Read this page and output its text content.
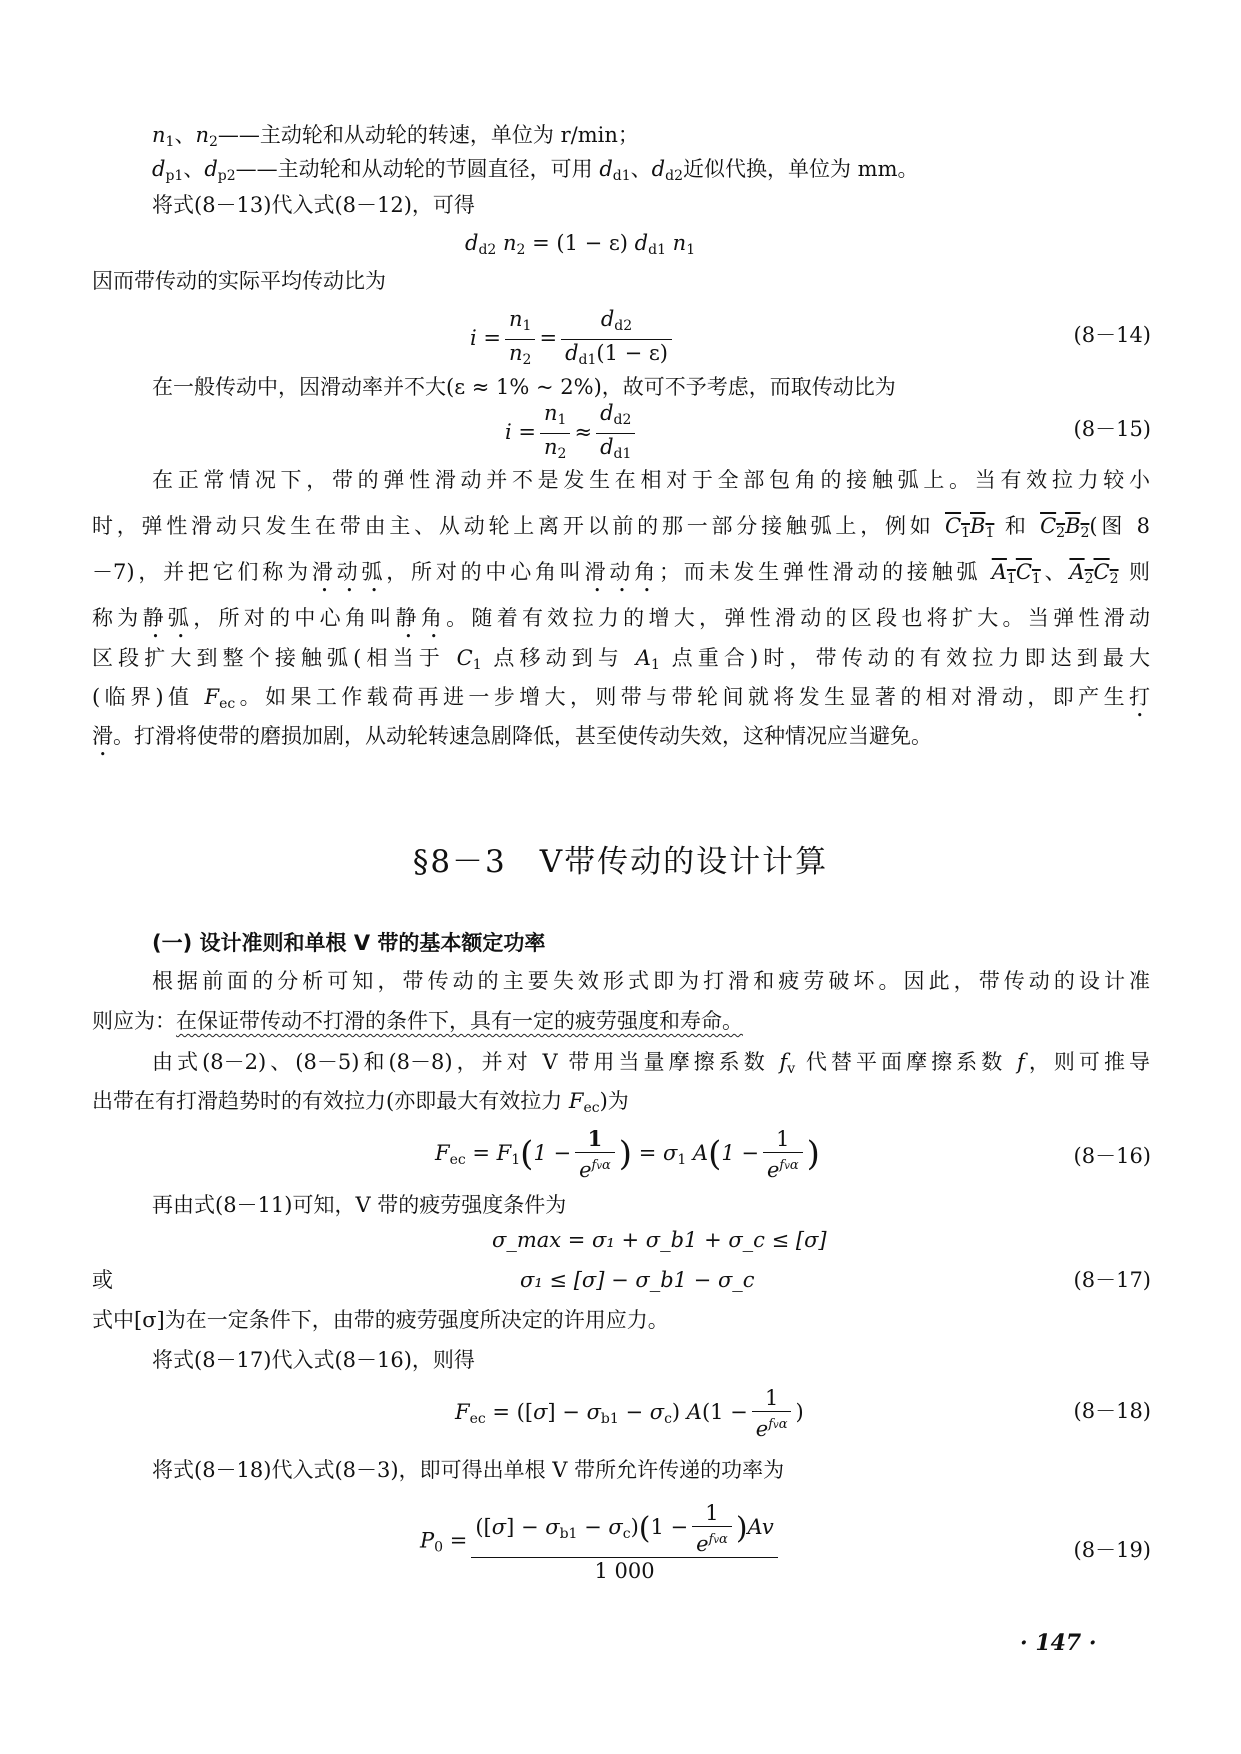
$n_1$、$n_2——$主动轮和从动轮的转速，单位为 r/min；
$d_{p1}$、$d_{p2}——$主动轮和从动轮的节圆直径，可用 $d_{d1}$、$d_{d2}$近似代换，单位为 mm。
将式(8－13)代入式(8－12)，可得
$d_{d2}$ $n_2 = (1 - \varepsilon)$ $d_{d1}$ $n_1$
因而带传动的实际平均传动比为
$i = \frac{n_1}{n_2} = \frac{d_{d2}}{d_{d1}(1 - \varepsilon)}$	(8－14)
在一般传动中，因滑动率并不大(ε ≈ 1% ~ 2%)，故可不予考虑，而取传动比为
$i = \frac{n_1}{n_2} \approx \frac{d_{d2}}{d_{d1}}$	(8－15)
在正常情况下，带的弹性滑动并不是发生在相对于全部包角的接触弧上。当有效拉力较小
时，弹性滑动只发生在带由主、从动轮上离开以前的那一部分接触弧上，例如 $C_1B_1$ 和 $C_2B_2$(图 8
－7)，并把它们称为滑动弧，所对的中心角叫滑动角；而未发生弹性滑动的接触弧 $A_1C_1$、$A_2C_2$ 则
称为静弧，所对的中心角叫静角。随着有效拉力的增大，弹性滑动的区段也将扩大。当弹性滑动
区段扩大到整个接触弧(相当于 $C_1$ 点移动到与 $A_1$ 点重合)时，带传动的有效拉力即达到最大
(临界)值 $F_{ec}$。如果工作载荷再进一步增大，则带与带轮间就将发生显著的相对滑动，即产生打
滑。打滑将使带的磨损加剧，从动轮转速急剧降低，甚至使传动失效，这种情况应当避免。
§8－3　V带传动的设计计算
(一) 设计准则和单根 V 带的基本额定功率
根据前面的分析可知，带传动的主要失效形式即为打滑和疲劳破坏。因此，带传动的设计准
则应为：在保证带传动不打滑的条件下，具有一定的疲劳强度和寿命。
由式(8－2)、(8－5)和(8－8)，并对 V 带用当量摩擦系数 $f_v$ 代替平面摩擦系数 f，则可推导
出带在有打滑趋势时的有效拉力(亦即最大有效拉力 $F_{ec}$)为
$F_{ec} = F_1(1 - \frac{1}{e^{fv\alpha}}$ ) = $\sigma_1$ $A(1 - \frac{1}{e^{fv\alpha}}$ )	(8－16)
再由式(8－11)可知，V 带的疲劳强度条件为
σ_max = σ₁ + σ_b1 + σ_c ≤ [σ]
或	σ₁ ≤ [σ] − σ_b1 − σ_c	(8－17)
式中[σ]为在一定条件下，由带的疲劳强度所决定的许用应力。
将式(8－17)代入式(8－16)，则得
$F_{ec} = ([\sigma] - \sigma_{b1} - \sigma_c) A(1 - \frac{1}{e^{fv\alpha}}$ )	(8－18)
将式(8－18)代入式(8－3)，即可得出单根 V 带所允许传递的功率为
$P_0 = \frac{([\sigma] - \sigma_{b1} - \sigma_c)(1 - \frac{1}{e^{fv\alpha}} )Av}{1 000}$	(8－19)
· 147 ·
